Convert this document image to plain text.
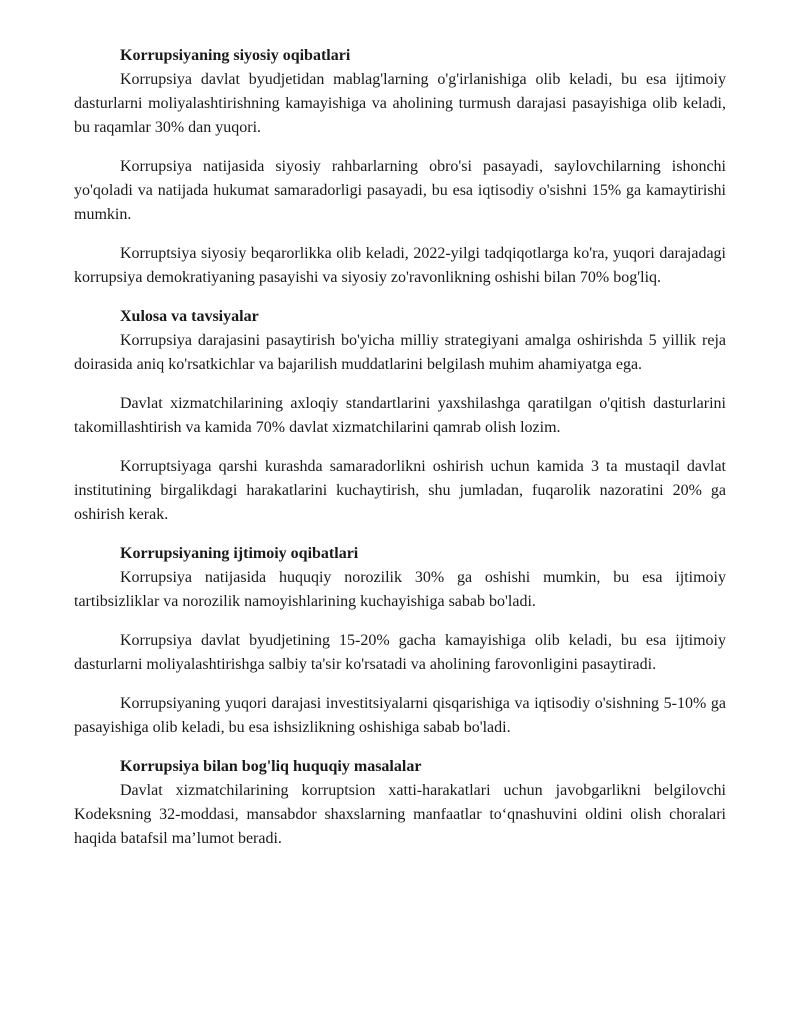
Korrupsiyaning siyosiy oqibatlari

Korrupsiya davlat byudjetidan mablag'larning o'g'irlanishiga olib keladi, bu esa ijtimoiy dasturlarni moliyalashtirishning kamayishiga va aholining turmush darajasi pasayishiga olib keladi, bu raqamlar 30% dan yuqori.

Korrupsiya natijasida siyosiy rahbarlarning obro'si pasayadi, saylovchilarning ishonchi yo'qoladi va natijada hukumat samaradorligi pasayadi, bu esa iqtisodiy o'sishni 15% ga kamaytirishi mumkin.

Korruptsiya siyosiy beqarorlikka olib keladi, 2022-yilgi tadqiqotlarga ko'ra, yuqori darajadagi korrupsiya demokratiyaning pasayishi va siyosiy zo'ravonlikning oshishi bilan 70% bog'liq.

Xulosa va tavsiyalar

Korrupsiya darajasini pasaytirish bo'yicha milliy strategiyani amalga oshirishda 5 yillik reja doirasida aniq ko'rsatkichlar va bajarilish muddatlarini belgilash muhim ahamiyatga ega.

Davlat xizmatchilarining axloqiy standartlarini yaxshilashga qaratilgan o'qitish dasturlarini takomillashtirish va kamida 70% davlat xizmatchilarini qamrab olish lozim.

Korruptsiyaga qarshi kurashda samaradorlikni oshirish uchun kamida 3 ta mustaqil davlat institutining birgalikdagi harakatlarini kuchaytirish, shu jumladan, fuqarolik nazoratini 20% ga oshirish kerak.

Korrupsiyaning ijtimoiy oqibatlari

Korrupsiya natijasida huquqiy norozilik 30% ga oshishi mumkin, bu esa ijtimoiy tartibsizliklar va norozilik namoyishlarining kuchayishiga sabab bo'ladi.

Korrupsiya davlat byudjetining 15-20% gacha kamayishiga olib keladi, bu esa ijtimoiy dasturlarni moliyalashtirishga salbiy ta'sir ko'rsatadi va aholining farovonligini pasaytiradi.

Korrupsiyaning yuqori darajasi investitsiyalarni qisqarishiga va iqtisodiy o'sishning 5-10% ga pasayishiga olib keladi, bu esa ishsizlikning oshishiga sabab bo'ladi.

Korrupsiya bilan bog'liq huquqiy masalalar

Davlat xizmatchilarining korruptsion xatti-harakatlari uchun javobgarlikni belgilovchi Kodeksning 32-moddasi, mansabdor shaxslarning manfaatlar to‘qnashuvini oldini olish choralari haqida batafsil ma’lumot beradi.
